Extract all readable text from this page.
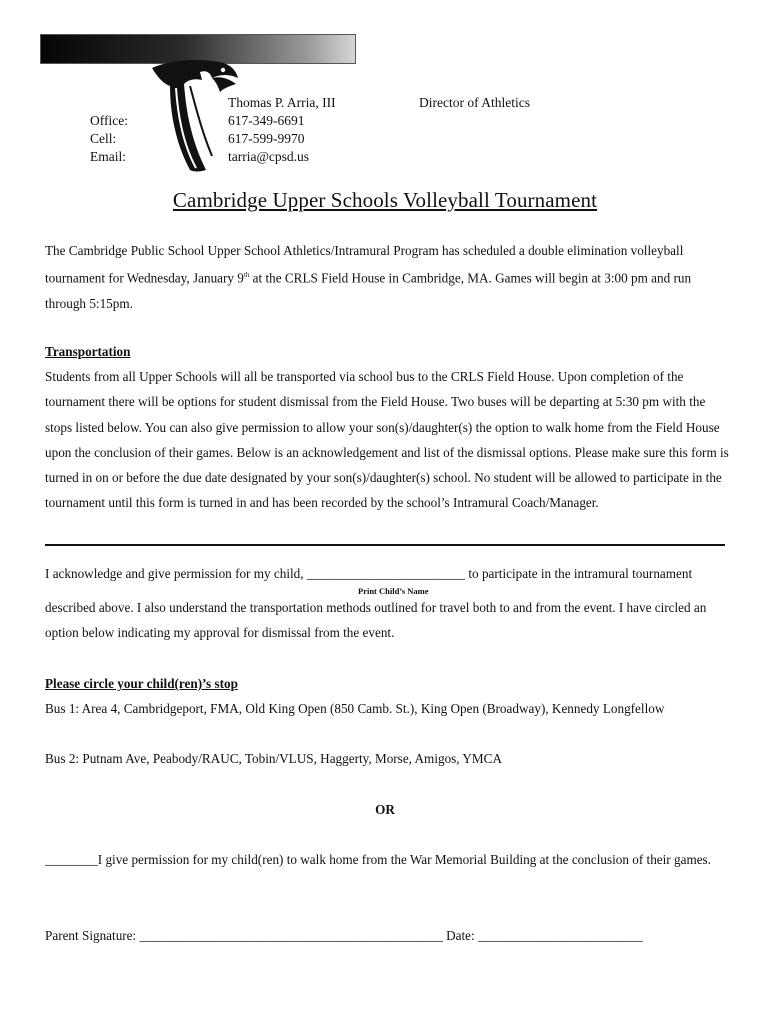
Thomas P. Arria, III	Director of Athletics
Office:	617-349-6691
Cell:	617-599-9970
Email:	tarria@cpsd.us
Cambridge Upper Schools Volleyball Tournament
The Cambridge Public School Upper School Athletics/Intramural Program has scheduled a double elimination volleyball tournament for Wednesday, January 9th at the CRLS Field House in Cambridge, MA. Games will begin at 3:00 pm and run through 5:15pm.
Transportation
Students from all Upper Schools will all be transported via school bus to the CRLS Field House. Upon completion of the tournament there will be options for student dismissal from the Field House. Two buses will be departing at 5:30 pm with the stops listed below. You can also give permission to allow your son(s)/daughter(s) the option to walk home from the Field House upon the conclusion of their games. Below is an acknowledgement and list of the dismissal options. Please make sure this form is turned in on or before the due date designated by your son(s)/daughter(s) school. No student will be allowed to participate in the tournament until this form is turned in and has been recorded by the school’s Intramural Coach/Manager.
I acknowledge and give permission for my child, ________________________ to participate in the intramural tournament
Print Child’s Name
described above. I also understand the transportation methods outlined for travel both to and from the event. I have circled an option below indicating my approval for dismissal from the event.
Please circle your child(ren)’s stop
Bus 1: Area 4, Cambridgeport, FMA, Old King Open (850 Camb. St.), King Open (Broadway), Kennedy Longfellow
Bus 2: Putnam Ave, Peabody/RAUC, Tobin/VLUS, Haggerty, Morse, Amigos, YMCA
OR
________I give permission for my child(ren) to walk home from the War Memorial Building at the conclusion of their games.
Parent Signature: ______________________________________________ Date: _________________________
